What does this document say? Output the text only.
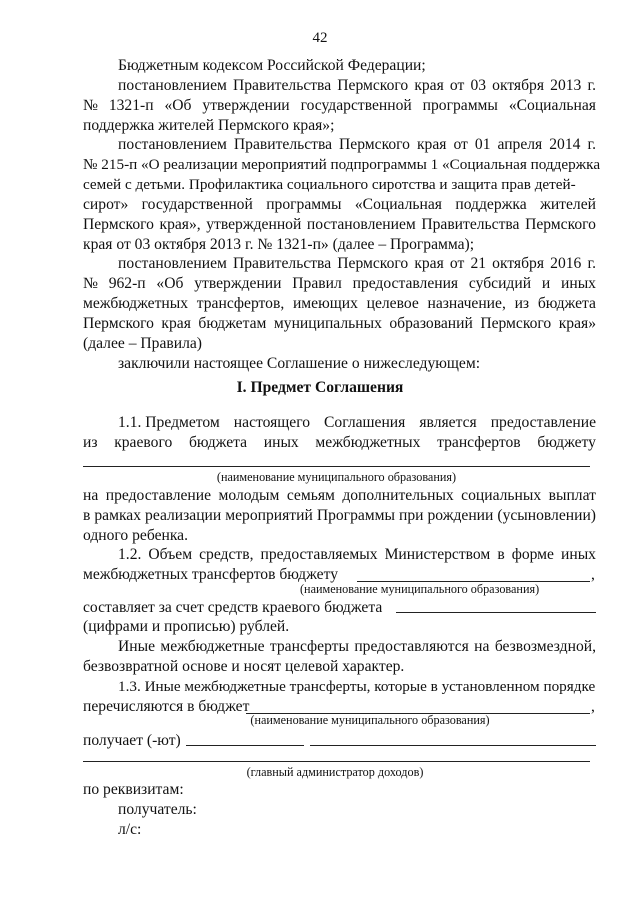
42
Бюджетным кодексом Российской Федерации;
постановлением Правительства Пермского края от 03 октября 2013 г.
№ 1321-п «Об утверждении государственной программы «Социальная
поддержка жителей Пермского края»;
постановлением Правительства Пермского края от 01 апреля 2014 г.
№ 215-п «О реализации мероприятий подпрограммы 1 «Социальная поддержка
семей с детьми. Профилактика социального сиротства и защита прав детей-
сирот» государственной программы «Социальная поддержка жителей
Пермского края», утвержденной постановлением Правительства Пермского
края от 03 октября 2013 г. № 1321-п» (далее – Программа);
постановлением Правительства Пермского края от 21 октября 2016 г.
№ 962-п «Об утверждении Правил предоставления субсидий и иных
межбюджетных трансфертов, имеющих целевое назначение, из бюджета
Пермского края бюджетам муниципальных образований Пермского края»
(далее – Правила)
заключили настоящее Соглашение о нижеследующем:
I. Предмет Соглашения
1.1. Предметом настоящего Соглашения является предоставление
из краевого бюджета иных межбюджетных трансфертов бюджету
(наименование муниципального образования)
на предоставление молодым семьям дополнительных социальных выплат
в рамках реализации мероприятий Программы при рождении (усыновлении)
одного ребенка.
1.2. Объем средств, предоставляемых Министерством в форме иных
межбюджетных трансфертов бюджету	,
(наименование муниципального образования)
составляет за счет средств краевого бюджета
(цифрами и прописью) рублей.
Иные межбюджетные трансферты предоставляются на безвозмездной,
безвозвратной основе и носят целевой характер.
1.3. Иные межбюджетные трансферты, которые в установленном порядке
перечисляются в бюджет	,
(наименование муниципального образования)
получает (-ют)
(главный администратор доходов)
по реквизитам:
получатель:
л/с:
